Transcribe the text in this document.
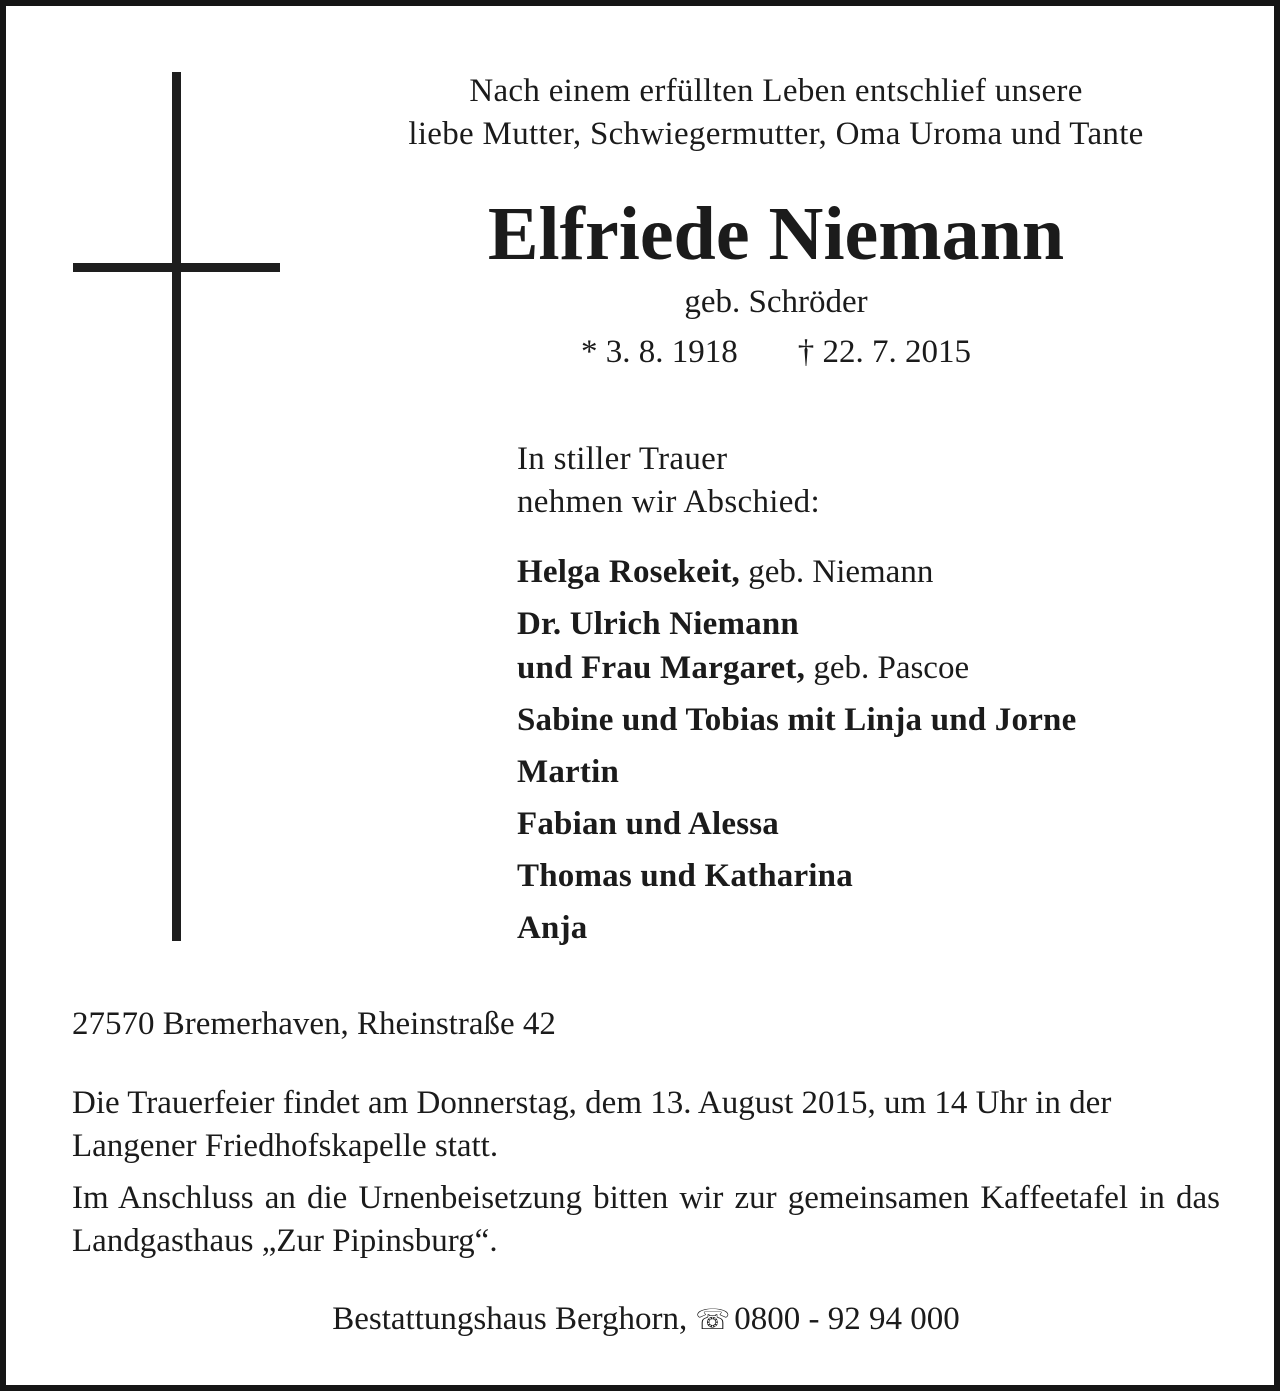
Nach einem erfüllten Leben entschlief unsere
liebe Mutter, Schwiegermutter, Oma Uroma und Tante
Elfriede Niemann
geb. Schröder
* 3. 8. 1918 † 22. 7. 2015
In stiller Trauer
nehmen wir Abschied:
Helga Rosekeit, geb. Niemann
Dr. Ulrich Niemann
und Frau Margaret, geb. Pascoe
Sabine und Tobias mit Linja und Jorne
Martin
Fabian und Alessa
Thomas und Katharina
Anja
27570 Bremerhaven, Rheinstraße 42
Die Trauerfeier findet am Donnerstag, dem 13. August 2015, um 14 Uhr in der Langener Friedhofskapelle statt.
Im Anschluss an die Urnenbeisetzung bitten wir zur gemeinsamen Kaffeetafel in das Landgasthaus „Zur Pipinsburg“.
Bestattungshaus Berghorn, ☏ 0800 - 92 94 000
